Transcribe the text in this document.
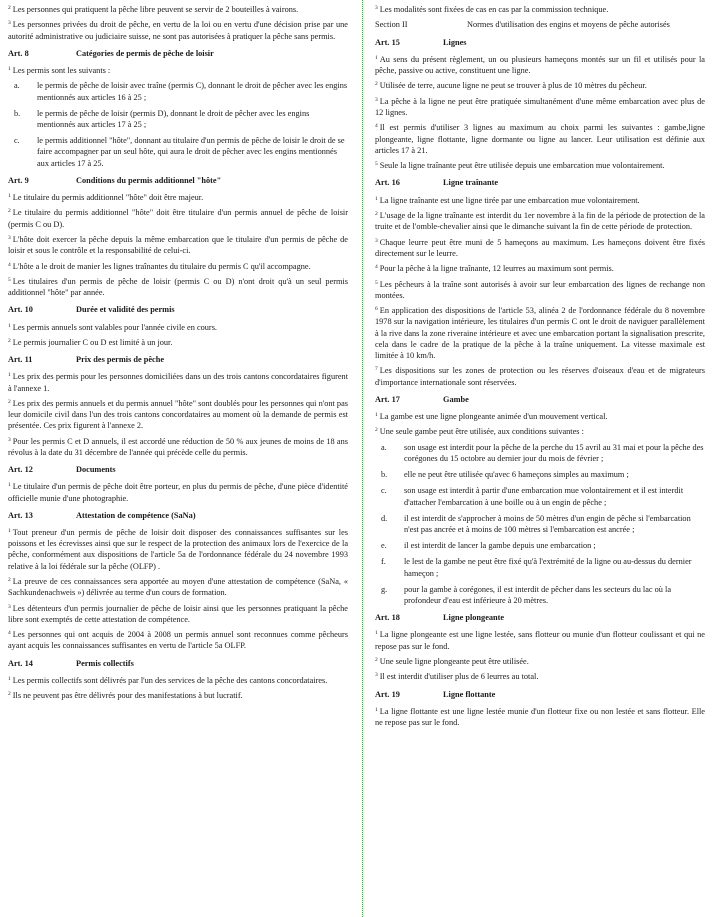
$^2$ Les personnes qui pratiquent la pêche libre peuvent se servir de 2 bouteilles à vairons.

$^3$ Les personnes privées du droit de pêche, en vertu de la loi ou en vertu d'une décision prise par une autorité administrative ou judiciaire suisse, ne sont pas autorisées à pratiquer la pêche sans permis.

Art. 8	Catégories de permis de pêche de loisir

$^1$ Les permis sont les suivants :

a.	le permis de pêche de loisir avec traîne (permis C), donnant le droit de pêcher avec les engins mentionnés aux articles 16 à 25 ;
b.	le permis de pêche de loisir (permis D), donnant le droit de pêcher avec les engins mentionnés aux articles 17 à 25 ;
c.	le permis additionnel "hôte", donnant au titulaire d'un permis de pêche de loisir le droit de se faire accompagner par un seul hôte, qui aura le droit de pêcher avec les engins mentionnés aux articles 17 à 25.
Art. 9	Conditions du permis additionnel "hôte"

$^1$ Le titulaire du permis additionnel "hôte" doit être majeur.

$^2$ Le titulaire du permis additionnel "hôte" doit être titulaire d'un permis annuel de pêche de loisir (permis C ou D).

$^3$ L'hôte doit exercer la pêche depuis la même embarcation que le titulaire d'un permis de pêche de loisir et sous le contrôle et la responsabilité de celui-ci.

$^4$ L'hôte a le droit de manier les lignes traînantes du titulaire du permis C qu'il accompagne.

$^5$ Les titulaires d'un permis de pêche de loisir (permis C ou D) n'ont droit qu'à un seul permis additionnel "hôte" par année.

Art. 10	Durée et validité des permis

$^1$ Les permis annuels sont valables pour l'année civile en cours.

$^2$ Le permis journalier C ou D est limité à un jour.

Art. 11	Prix des permis de pêche

$^1$ Les prix des permis pour les personnes domiciliées dans un des trois cantons concordataires figurent à l'annexe 1.

$^2$ Les prix des permis annuels et du permis annuel "hôte" sont doublés pour les personnes qui n'ont pas leur domicile civil dans l'un des trois cantons concordataires au moment où la demande de permis est présentée. Ces prix figurent à l'annexe 2.

$^3$ Pour les permis C et D annuels, il est accordé une réduction de 50 % aux jeunes de moins de 18 ans révolus à la date du 31 décembre de l'année qui précède celle du permis.

Art. 12	Documents

$^1$ Le titulaire d'un permis de pêche doit être porteur, en plus du permis de pêche, d'une pièce d'identité officielle munie d'une photographie.

Art. 13	Attestation de compétence (SaNa)

$^1$ Tout preneur d'un permis de pêche de loisir doit disposer des connaissances suffisantes sur les poissons et les écrevisses ainsi que sur le respect de la protection des animaux lors de l'exercice de la pêche, conformément aux dispositions de l'article 5a de l'ordonnance fédérale du 24 novembre 1993 relative à la loi fédérale sur la pêche (OLFP) .

$^2$ La preuve de ces connaissances sera apportée au moyen d'une attestation de compétence (SaNa, « Sachkundenachweis ») délivrée au terme d'un cours de formation.

$^3$ Les détenteurs d'un permis journalier de pêche de loisir ainsi que les personnes pratiquant la pêche libre sont exemptés de cette attestation de compétence.

$^4$ Les personnes qui ont acquis de 2004 à 2008 un permis annuel sont reconnues comme pêcheurs ayant acquis les connaissances suffisantes en vertu de l'article 5a OLFP.

Art. 14	Permis collectifs

$^1$ Les permis collectifs sont délivrés par l'un des services de la pêche des cantons concordataires.

$^2$ Ils ne peuvent pas être délivrés pour des manifestations à but lucratif.

$^3$ Les modalités sont fixées de cas en cas par la commission technique.

Section II	Normes d'utilisation des engins et moyens de pêche autorisés
Art. 15	Lignes

$^1$ Au sens du présent règlement, un ou plusieurs hameçons montés sur un fil et utilisés pour la pêche, passive ou active, constituent une ligne.

$^2$ Utilisée de terre, aucune ligne ne peut se trouver à plus de 10 mètres du pêcheur.

$^3$ La pêche à la ligne ne peut être pratiquée simultanément d'une même embarcation avec plus de 12 lignes.

$^4$ Il est permis d'utiliser 3 lignes au maximum au choix parmi les suivantes : gambe,ligne plongeante, ligne flottante, ligne dormante ou ligne au lancer. Leur utilisation est définie aux articles 17 à 21.

$^5$ Seule la ligne traînante peut être utilisée depuis une embarcation mue volontairement.

Art. 16	Ligne traînante

$^1$ La ligne traînante est une ligne tirée par une embarcation mue volontairement.

$^2$ L'usage de la ligne traînante est interdit du 1er novembre à la fin de la période de protection de la truite et de l'omble-chevalier ainsi que le dimanche suivant la fin de cette période de protection.

$^3$ Chaque leurre peut être muni de 5 hameçons au maximum. Les hameçons doivent être fixés directement sur le leurre.

$^4$ Pour la pêche à la ligne traînante, 12 leurres au maximum sont permis.

$^5$ Les pêcheurs à la traîne sont autorisés à avoir sur leur embarcation des lignes de rechange non montées.

$^6$ En application des dispositions de l'article 53, alinéa 2 de l'ordonnance fédérale du 8 novembre 1978 sur la navigation intérieure, les titulaires d'un permis C ont le droit de naviguer parallèlement à la rive dans la zone riveraine intérieure et avec une embarcation portant la signalisation prescrite, cela dans le cadre de la pratique de la pêche à la traîne uniquement. La vitesse maximale est limitée à 10 km/h.

$^7$ Les dispositions sur les zones de protection ou les réserves d'oiseaux d'eau et de migrateurs d'importance internationale sont réservées.

Art. 17	Gambe

$^1$ La gambe est une ligne plongeante animée d'un mouvement vertical.

$^2$ Une seule gambe peut être utilisée, aux conditions suivantes :

a.	son usage est interdit pour la pêche de la perche du 15 avril au 31 mai et pour la pêche des corégones du 15 octobre au dernier jour du mois de février ;
b.	elle ne peut être utilisée qu'avec 6 hameçons simples au maximum ;
c.	son usage est interdit à partir d'une embarcation mue volontairement et il est interdit d'attacher l'embarcation à une boille ou à un engin de pêche ;
d.	il est interdit de s'approcher à moins de 50 mètres d'un engin de pêche si l'embarcation n'est pas ancrée et à moins de 100 mètres si l'embarcation est ancrée ;
e.	il est interdit de lancer la gambe depuis une embarcation ;
f.	le lest de la gambe ne peut être fixé qu'à l'extrémité de la ligne ou au-dessus du dernier hameçon ;
g.	pour la gambe à corégones, il est interdit de pêcher dans les secteurs du lac où la profondeur d'eau est inférieure à 20 mètres.
Art. 18	Ligne plongeante

$^1$ La ligne plongeante est une ligne lestée, sans flotteur ou munie d'un flotteur coulissant et qui ne repose pas sur le fond.

$^2$ Une seule ligne plongeante peut être utilisée.

$^3$ Il est interdit d'utiliser plus de 6 leurres au total.

Art. 19	Ligne flottante

$^1$ La ligne flottante est une ligne lestée munie d'un flotteur fixe ou non lestée et sans flotteur. Elle ne repose pas sur le fond.
